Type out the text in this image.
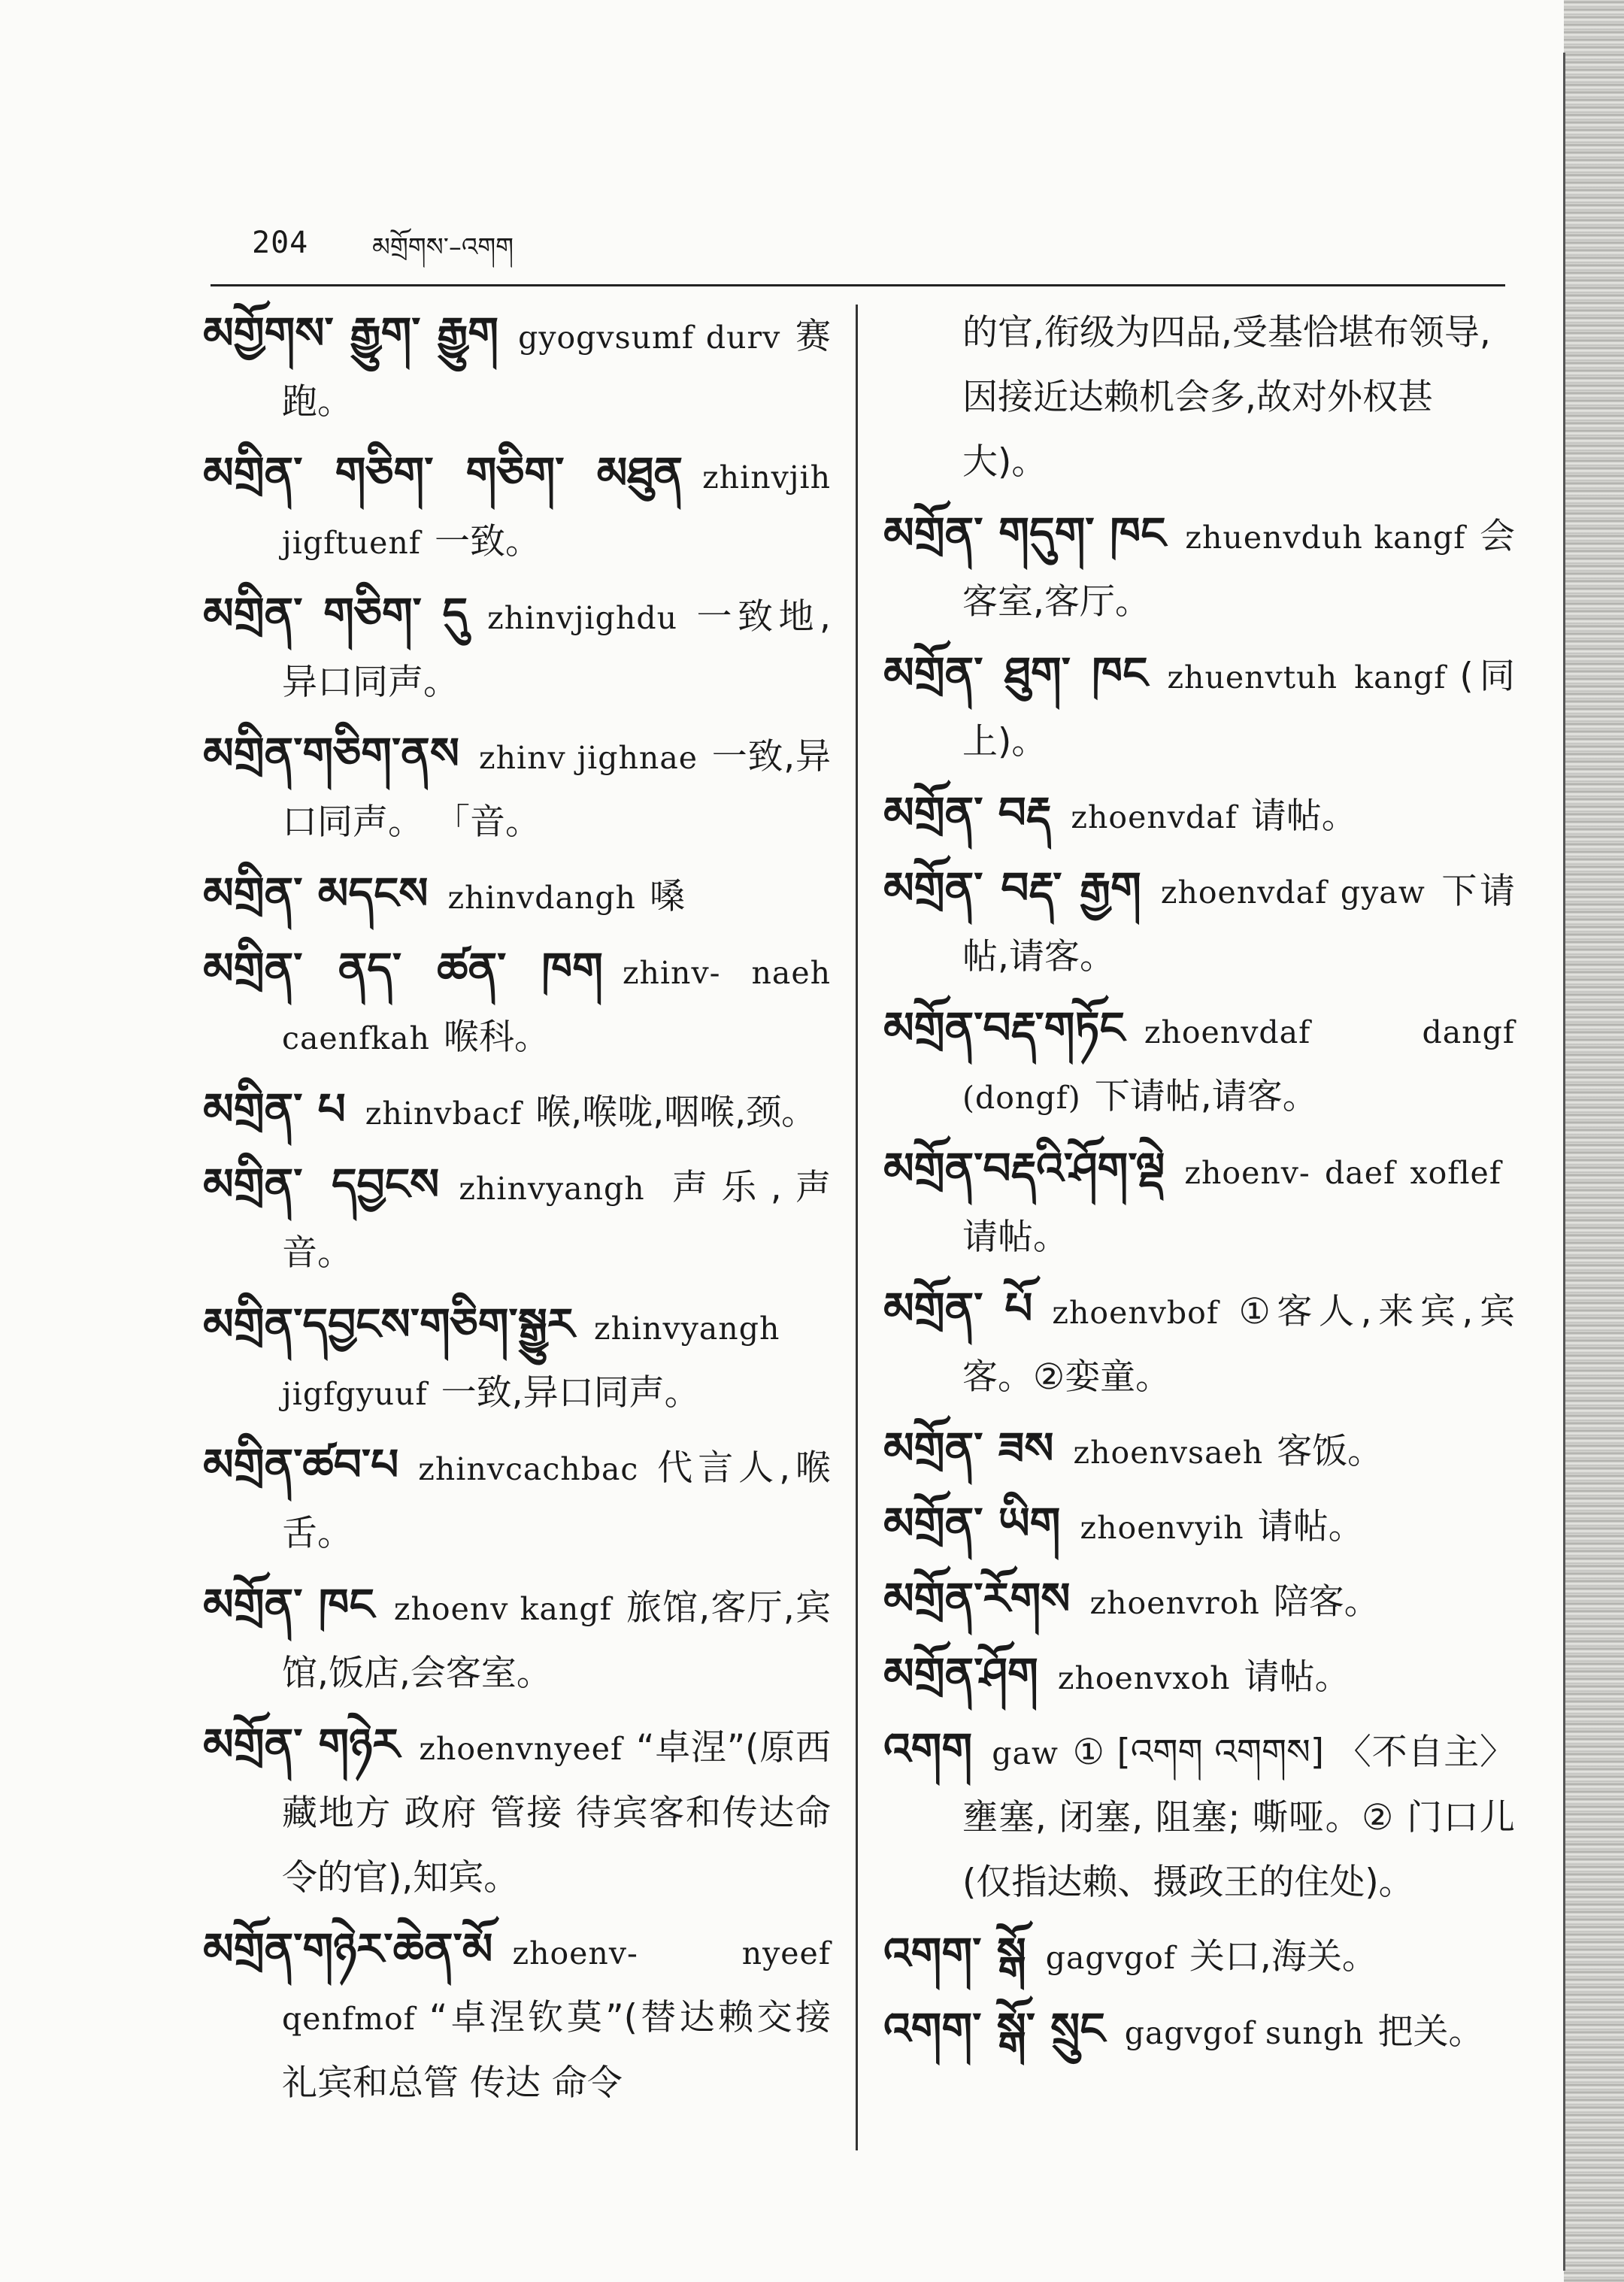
204 མགྲོགས་–འགག
མགྱོགས་ རྒྱུག་ རྒྱུག gyogvsumf durv 赛跑。
མགྲིན་ གཅིག་ གཅིག་ མཐུན zhinvjih jigftuenf 一致。
མགྲིན་ གཅིག་ དུ zhinvjighdu 一致地,异口同声。
མགྲིན་གཅིག་ནས zhinv jighnae 一致,异口同声。 「音。
མགྲིན་ མདངས zhinvdangh 嗓
མགྲིན་ ནད་ ཚན་ ཁག zhinv- naeh caenfkah 喉科。
མགྲིན་ པ zhinvbacf 喉,喉咙,咽喉,颈。
མགྲིན་ དབྱངས zhinvyangh 声乐,声音。
མགྲིན་དབྱངས་གཅིག་སྒྱུར zhinvyangh jigfgyuuf 一致,异口同声。
མགྲིན་ཚབ་པ zhinvcachbac 代言人,喉舌。
མགྲོན་ ཁང zhoenv kangf 旅馆,客厅,宾馆,饭店,会客室。
མགྲོན་ གཉེར zhoenvnyeef “卓涅”(原西藏地方 政府 管接 待宾客和传达命令的官),知宾。
མགྲོན་གཉེར་ཆེན་མོ zhoenv- nyeef qenfmof “卓涅钦莫”(替达赖交接礼宾和总管 传达 命令
的官,衔级为四品,受基恰堪布领导,因接近达赖机会多,故对外权甚大)。
མགྲོན་ གདུག་ ཁང zhuenvduh kangf 会客室,客厅。
མགྲོན་ ཐུག་ ཁང zhuenvtuh kangf (同上)。
མགྲོན་ བརྡ zhoenvdaf 请帖。
མགྲོན་ བརྡ་ རྒྱག zhoenvdaf gyaw 下请帖,请客。
མགྲོན་བརྡ་གཏོང zhoenvdaf dangf (dongf) 下请帖,请客。
མགྲོན་བརྡའི་ཤོག་ལྡེ zhoenv- daef xoflef请帖。
མགྲོན་ པོ zhoenvbof ①客人,来宾,宾客。②娈童。
མགྲོན་ ཟས zhoenvsaeh 客饭。
མགྲོན་ ཡིག zhoenvyih 请帖。
མགྲོན་རོགས zhoenvroh 陪客。
མགྲོན་ཤོག zhoenvxoh 请帖。
འགག gaw ① [འགག འགགས] 〈不自主〉 壅塞, 闭塞, 阻塞; 嘶哑。② 门口儿(仅指达赖、摄政王的住处)。
འགག་ སྒོ gagvgof 关口,海关。
འགག་ སྒོ་ སྲུང gagvgof sungh 把关。
